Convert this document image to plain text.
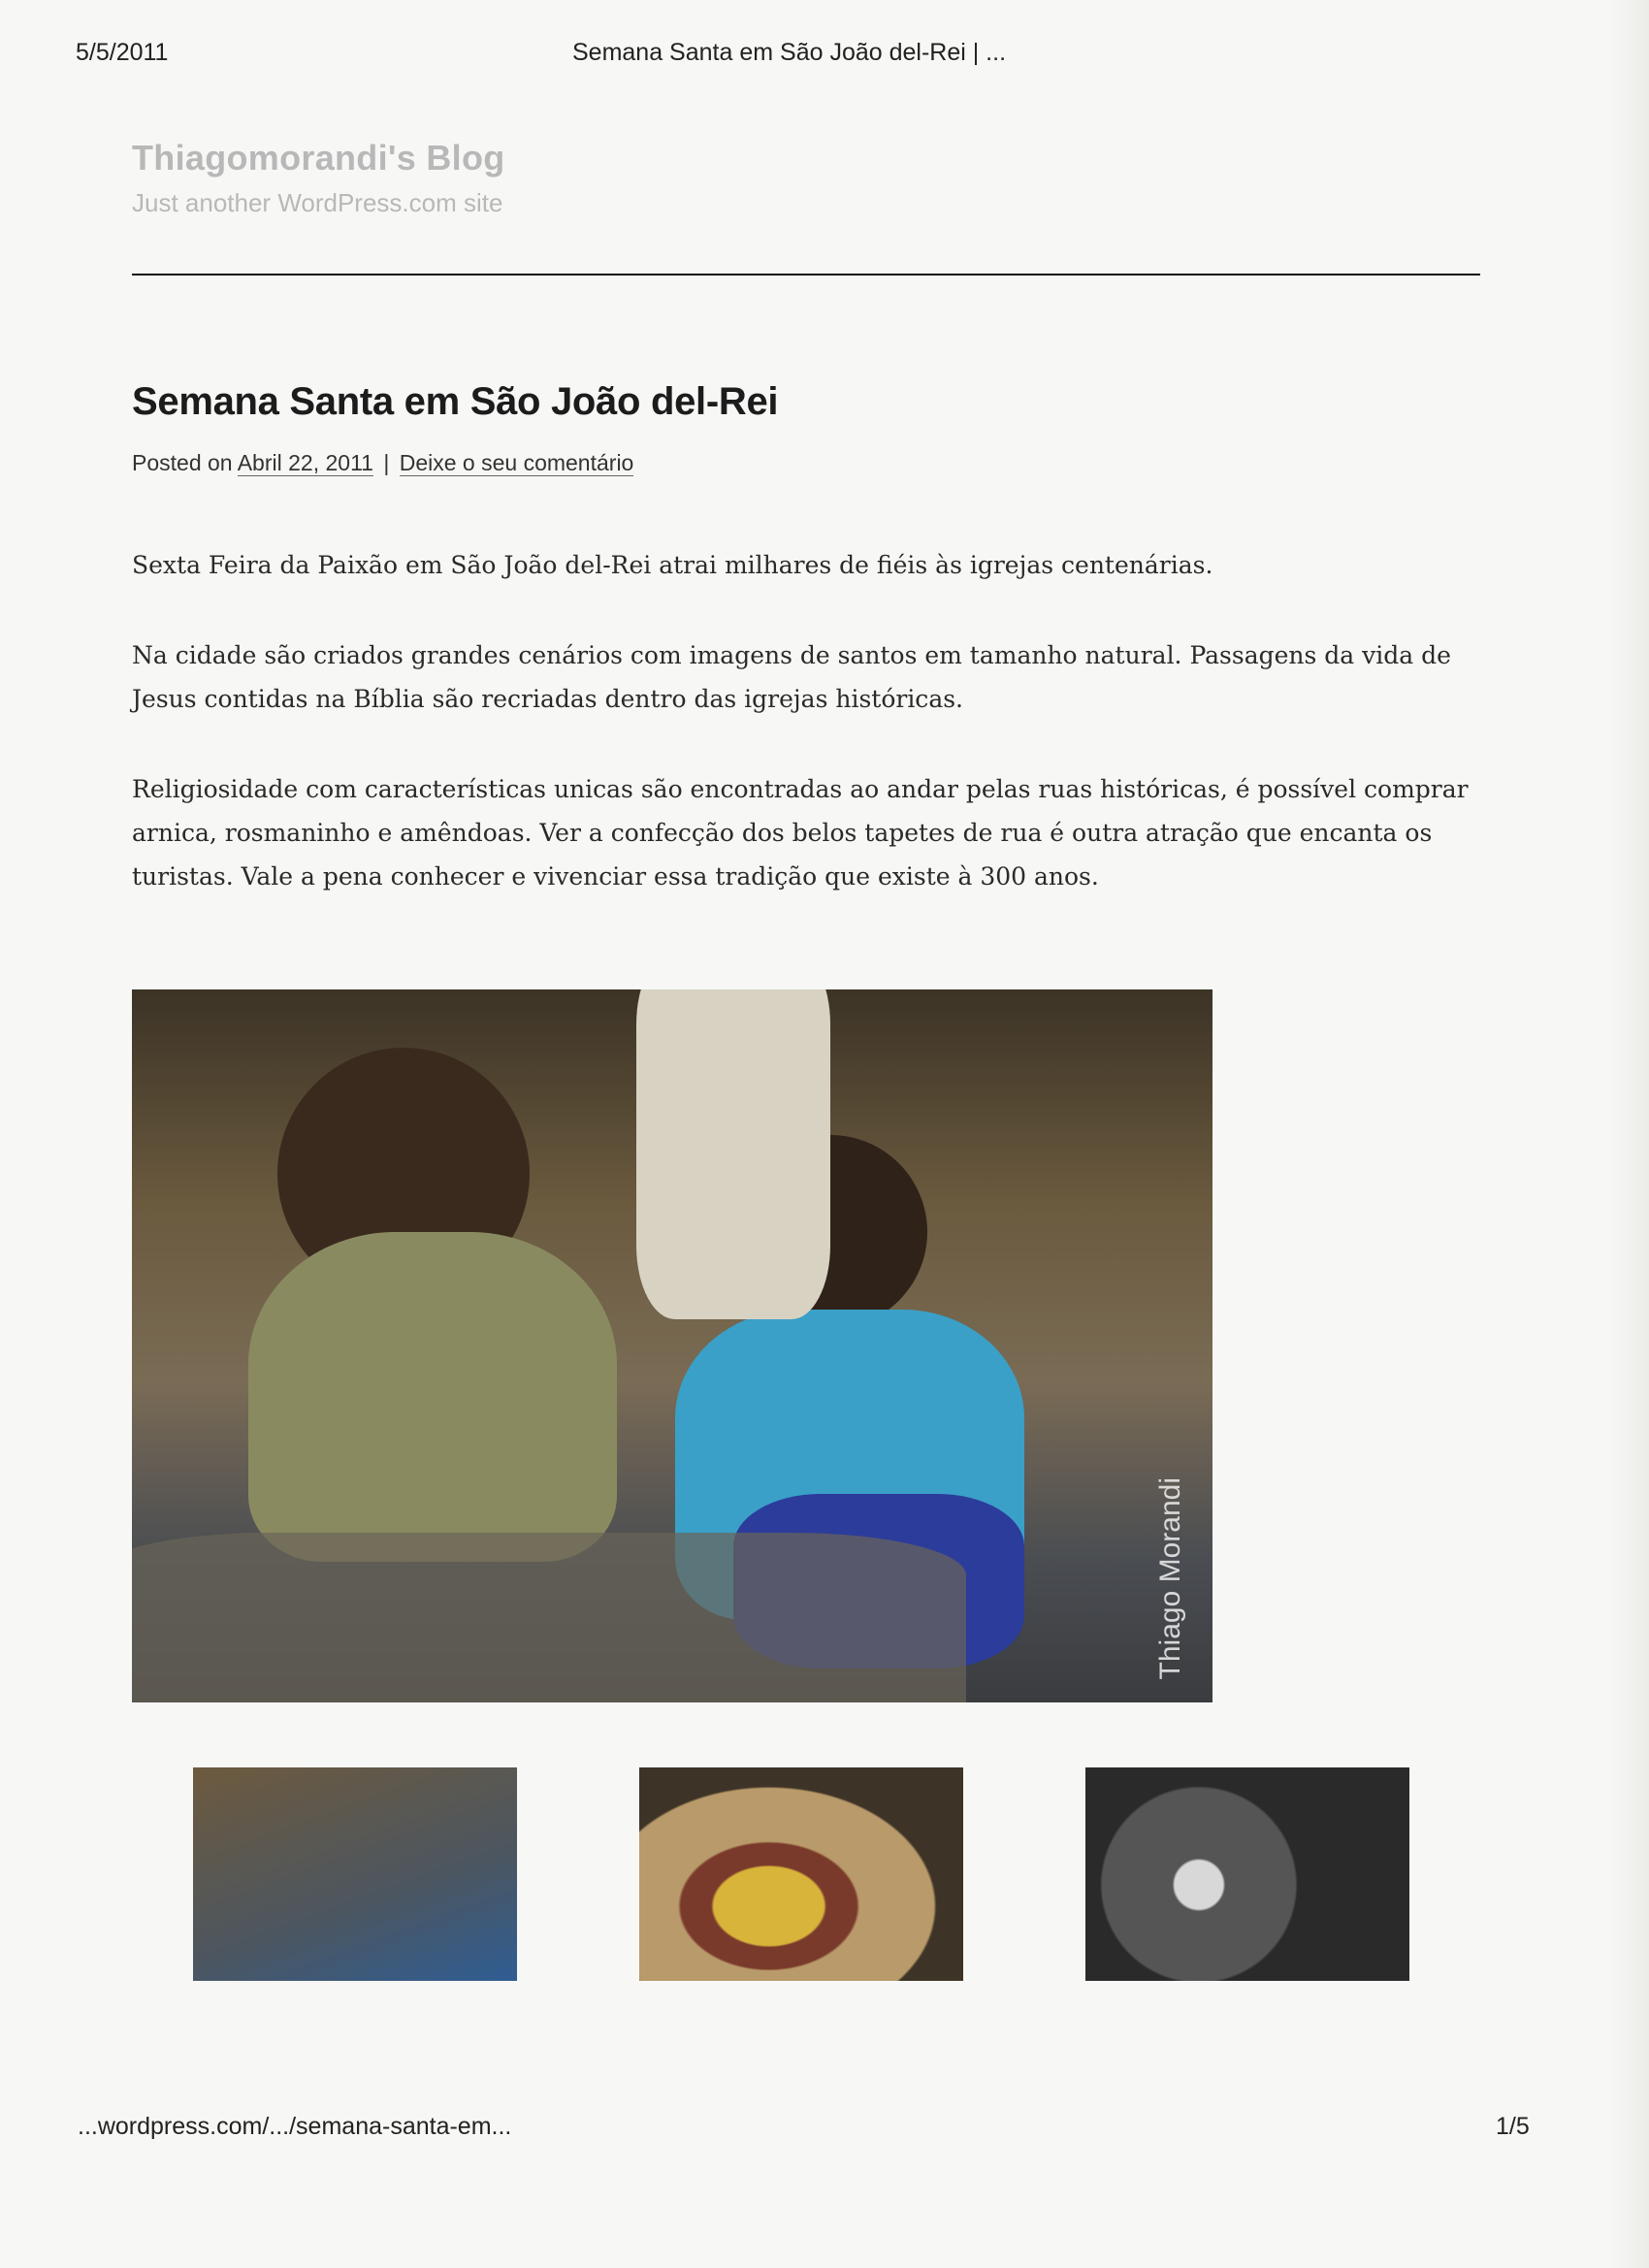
5/5/2011	Semana Santa em São João del-Rei | ...
Thiagomorandi's Blog
Just another WordPress.com site
Semana Santa em São João del-Rei
Posted on Abril 22, 2011 | Deixe o seu comentário

Sexta Feira da Paixão em São João del-Rei atrai milhares de fiéis às igrejas centenárias.

Na cidade são criados grandes cenários com imagens de santos em tamanho natural. Passagens da vida de Jesus contidas na Bíblia são recriadas dentro das igrejas históricas.

Religiosidade com características unicas são encontradas ao andar pelas ruas históricas, é possível comprar arnica, rosmaninho e amêndoas. Ver a confecção dos belos tapetes de rua é outra atração que encanta os turistas. Vale a pena conhecer e vivenciar essa tradição que existe à 300 anos.

Thiago Morandi
...wordpress.com/.../semana-santa-em...	1/5
